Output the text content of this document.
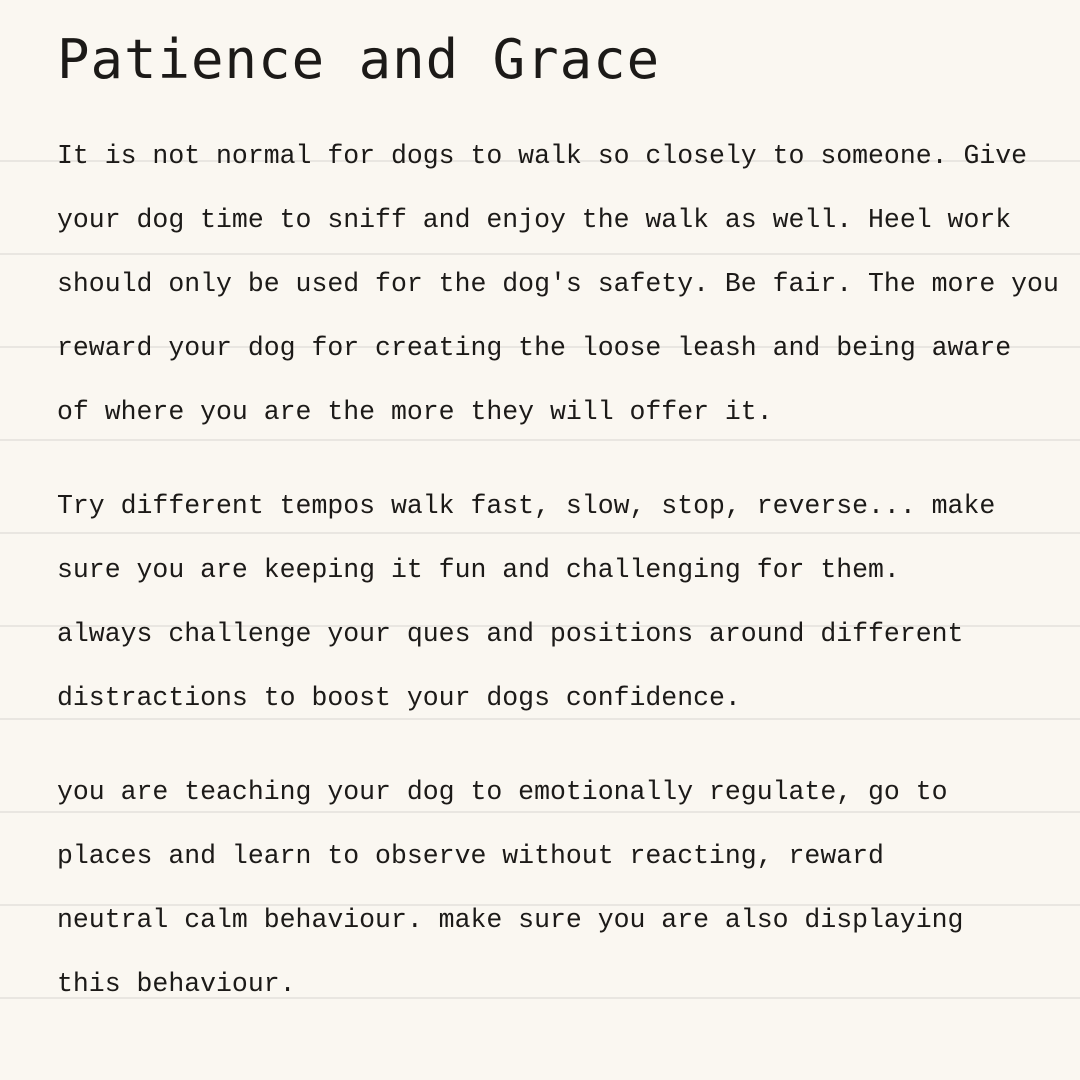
Patience and Grace

It is not normal for dogs to walk so closely to someone. Give

your dog time to sniff and enjoy the walk as well. Heel work

should only be used for the dog's safety. Be fair. The more you

reward your dog for creating the loose leash and being aware

of where you are the more they will offer it.

Try different tempos walk fast, slow, stop, reverse... make

sure you are keeping it fun and challenging for them.

always challenge your ques and positions around different

distractions to boost your dogs confidence.

you are teaching your dog to emotionally regulate, go to

places and learn to observe without reacting, reward

neutral calm behaviour. make sure you are also displaying

this behaviour.
